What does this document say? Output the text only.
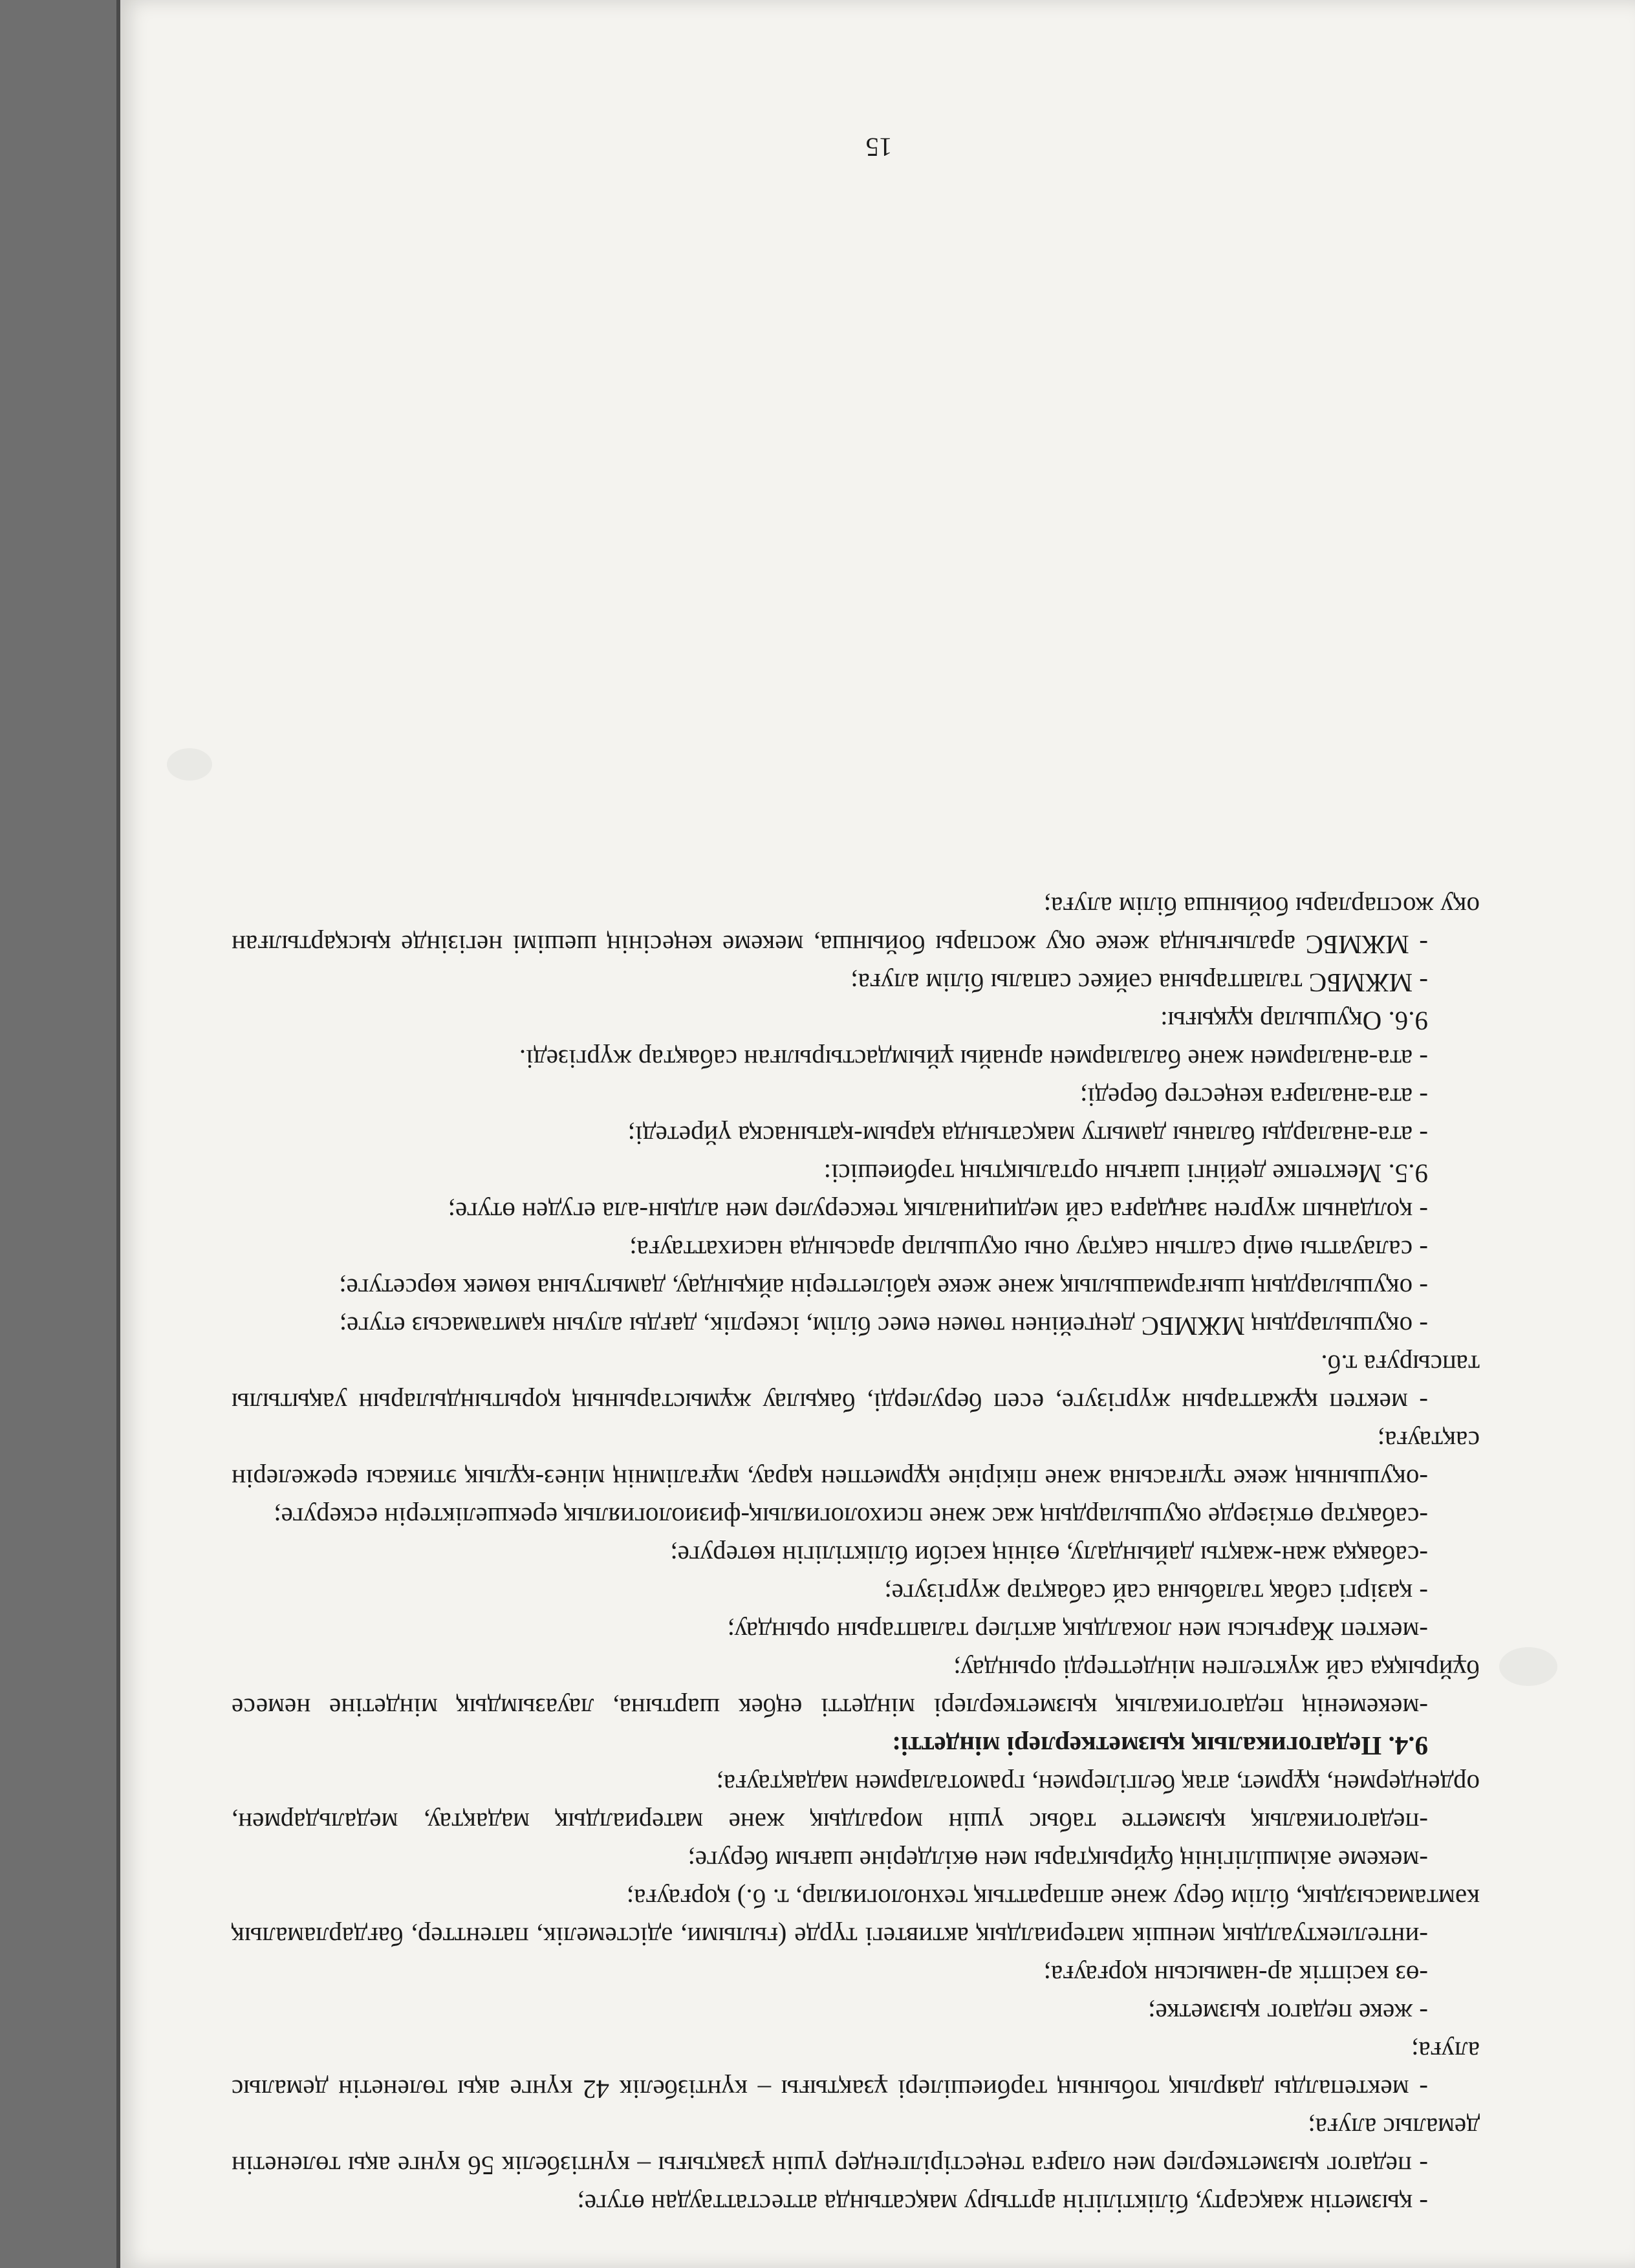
- қызметін жақсарту, біліктілігін арттыру мақсатында аттестаттаудан өтуге;

- педагог қызметкерлер мен оларға теңестірілгендер үшін ұзақтығы – күнтізбелік 56 күнге ақы төленетін демалыс алуға;

- мектепалды даярлық тобының тәрбиешілері ұзақтығы – күнтізбелік 42 күнге ақы төленетін демалыс алуға;

- жеке педагог қызметке;

-өз кәсіптік ар-намысын қорғауға;

-интеллектуалдық меншік материалдық активтегі түрде (ғылыми, әдістемелік, патенттер, бағдарламалық кәмтамасыздық, білім беру және аппараттық технологиялар, т. б.) қорғауға;

-мекеме әкімшілігінің бұйрықтары мен өкілдеріне шағым беруге;

-педагогикалық қызметте табыс үшін моралдық және материалдық мадақтау, медальдармен, ордендермен, құрмет, атақ белгілермен, грамоталармен мадақтауға;

9.4. Педагогикалық қызметкерлері міндетті:

-мекеменің педагогикалық қызметкерлері міндетті еңбек шартына, лауазымдық міндетіне немесе бұйрыққа сай жүктелген міндеттерді орындау;

-мектеп Жарғысы мен локалдық актілер талаптарын орындау;

- қазіргі сабақ талабына сай сабақтар жүргізуге;

-сабаққа жан-жақты дайындалу, өзінің кәсіби біліктілігін көтеруге;

-сабақтар өткізерде оқушылардың жас және психологиялық-физиологиялық ерекшеліктерін ескеруге;

-оқушының жеке тұлғасына және пікіріне құрметпен қарау, мұғалімнің мінез-құлық этикасы ережелерін сақтауға;

- мектеп құжаттарын жүргізуге, есеп берулерді, бақылау жұмыстарының қорытындыларын уақытылы тапсыруға т.б.

- оқушылардың МЖМБС деңгейінен төмен емес білім, іскерлік, дағды алуын қамтамасыз етуге;

- оқушылардың шығармашылық және жеке қабілеттерін айқындау, дамытуына көмек көрсетуге;

- салауатты өмір салтын сақтау оны оқушылар арасында насихаттауға;

- қолданып жүрген заңдарға сай медициналық тексерулер мен алдын-ала егуден өтуге;

9.5. Мектепке дейінгі шағын орталықтың тәрбиешісі:

- ата-аналарды баланы дамыту мақсатында қарым-қатынасқа үйретеді;

- ата-аналарға кеңестер береді;

- ата-аналармен және балалармен арнайы ұйымдастырылған сабақтар жүргізеді.

9.6. Оқушылар құқығы:

- МЖМБС талаптарына сәйкес сапалы білім алуға;

- МЖМБС аралығында жеке оқу жоспары бойынша, мекеме кеңесінің шешімі негізінде қысқартылған оқу жоспарлары бойынша білім алуға;

15
